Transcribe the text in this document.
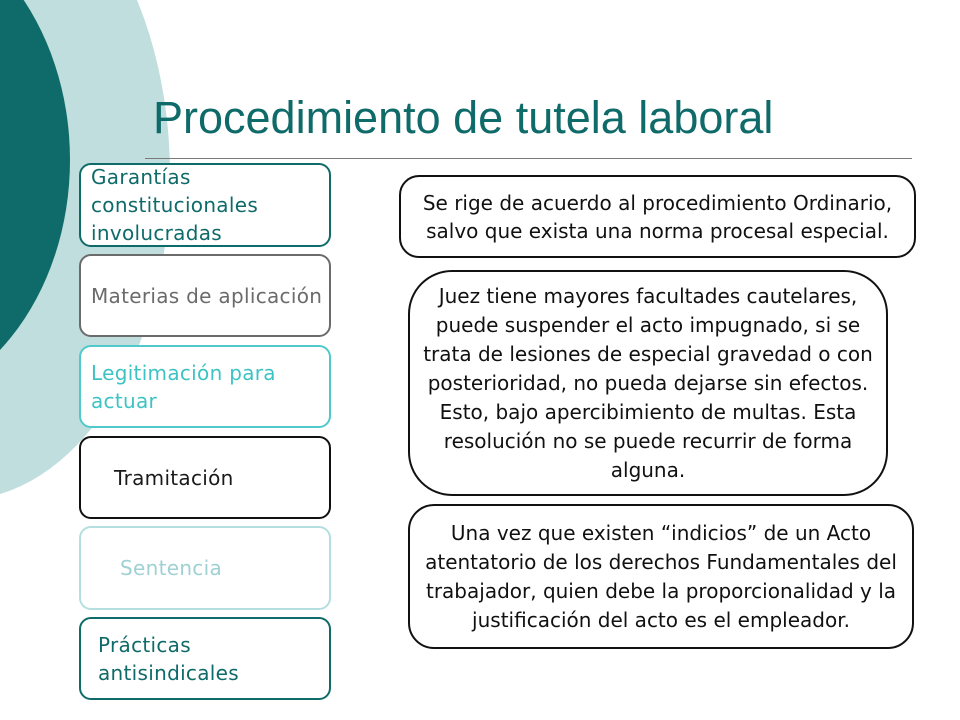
Procedimiento de tutela laboral
Garantías constitucionales involucradas
Materias de aplicación
Legitimación para actuar
Tramitación
Sentencia
Prácticas antisindicales
Se rige de acuerdo al procedimiento Ordinario, salvo que exista una norma procesal especial.
Juez tiene mayores facultades cautelares, puede suspender el acto impugnado, si se trata de lesiones de especial gravedad o con posterioridad, no pueda dejarse sin efectos. Esto, bajo apercibimiento de multas. Esta resolución no se puede recurrir de forma alguna.
Una vez que existen “indicios” de un Acto atentatorio de los derechos Fundamentales del trabajador, quien debe la proporcionalidad y la justificación del acto es el empleador.
